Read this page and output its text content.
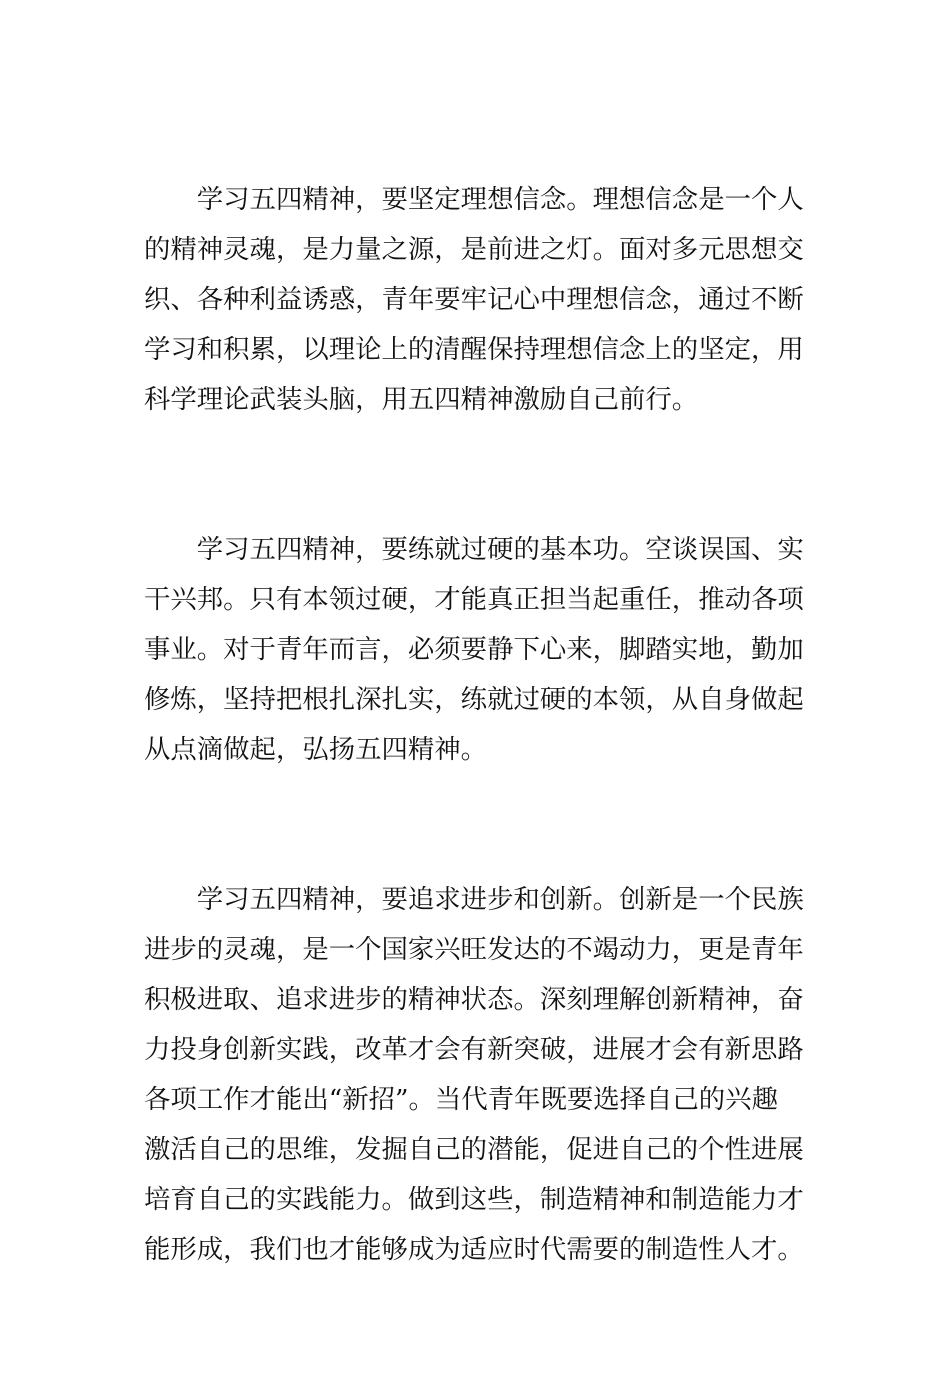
　　学习五四精神，要坚定理想信念。理想信念是一个人
的精神灵魂，是力量之源，是前进之灯。面对多元思想交
织、各种利益诱惑，青年要牢记心中理想信念，通过不断
学习和积累，以理论上的清醒保持理想信念上的坚定，用
科学理论武装头脑，用五四精神激励自己前行。

　　学习五四精神，要练就过硬的基本功。空谈误国、实
干兴邦。只有本领过硬，才能真正担当起重任，推动各项
事业。对于青年而言，必须要静下心来，脚踏实地，勤加
修炼，坚持把根扎深扎实，练就过硬的本领，从自身做起
从点滴做起，弘扬五四精神。

　　学习五四精神，要追求进步和创新。创新是一个民族
进步的灵魂，是一个国家兴旺发达的不竭动力，更是青年
积极进取、追求进步的精神状态。深刻理解创新精神，奋
力投身创新实践，改革才会有新突破，进展才会有新思路
各项工作才能出“新招”。当代青年既要选择自己的兴趣
激活自己的思维，发掘自己的潜能，促进自己的个性进展
培育自己的实践能力。做到这些，制造精神和制造能力才
能形成，我们也才能够成为适应时代需要的制造性人才。
